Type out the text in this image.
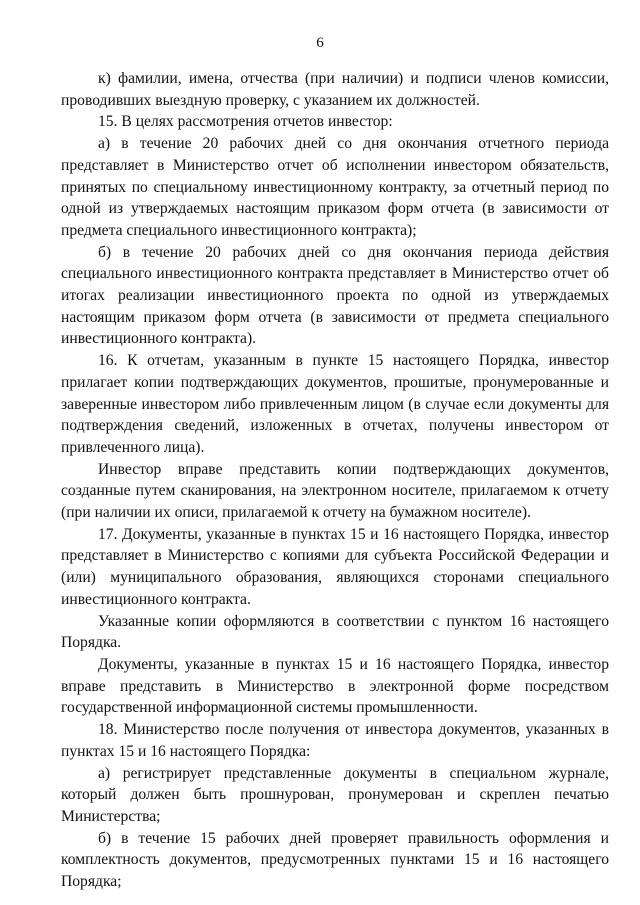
6

к) фамилии, имена, отчества (при наличии) и подписи членов комиссии, проводивших выездную проверку, с указанием их должностей.

15. В целях рассмотрения отчетов инвестор:

а) в течение 20 рабочих дней со дня окончания отчетного периода представляет в Министерство отчет об исполнении инвестором обязательств, принятых по специальному инвестиционному контракту, за отчетный период по одной из утверждаемых настоящим приказом форм отчета (в зависимости от предмета специального инвестиционного контракта);

б) в течение 20 рабочих дней со дня окончания периода действия специального инвестиционного контракта представляет в Министерство отчет об итогах реализации инвестиционного проекта по одной из утверждаемых настоящим приказом форм отчета (в зависимости от предмета специального инвестиционного контракта).

16. К отчетам, указанным в пункте 15 настоящего Порядка, инвестор прилагает копии подтверждающих документов, прошитые, пронумерованные и заверенные инвестором либо привлеченным лицом (в случае если документы для подтверждения сведений, изложенных в отчетах, получены инвестором от привлеченного лица).

Инвестор вправе представить копии подтверждающих документов, созданные путем сканирования, на электронном носителе, прилагаемом к отчету (при наличии их описи, прилагаемой к отчету на бумажном носителе).

17. Документы, указанные в пунктах 15 и 16 настоящего Порядка, инвестор представляет в Министерство с копиями для субъекта Российской Федерации и (или) муниципального образования, являющихся сторонами специального инвестиционного контракта.

Указанные копии оформляются в соответствии с пунктом 16 настоящего Порядка.

Документы, указанные в пунктах 15 и 16 настоящего Порядка, инвестор вправе представить в Министерство в электронной форме посредством государственной информационной системы промышленности.

18. Министерство после получения от инвестора документов, указанных в пунктах 15 и 16 настоящего Порядка:

а) регистрирует представленные документы в специальном журнале, который должен быть прошнурован, пронумерован и скреплен печатью Министерства;

б) в течение 15 рабочих дней проверяет правильность оформления и комплектность документов, предусмотренных пунктами 15 и 16 настоящего Порядка;
